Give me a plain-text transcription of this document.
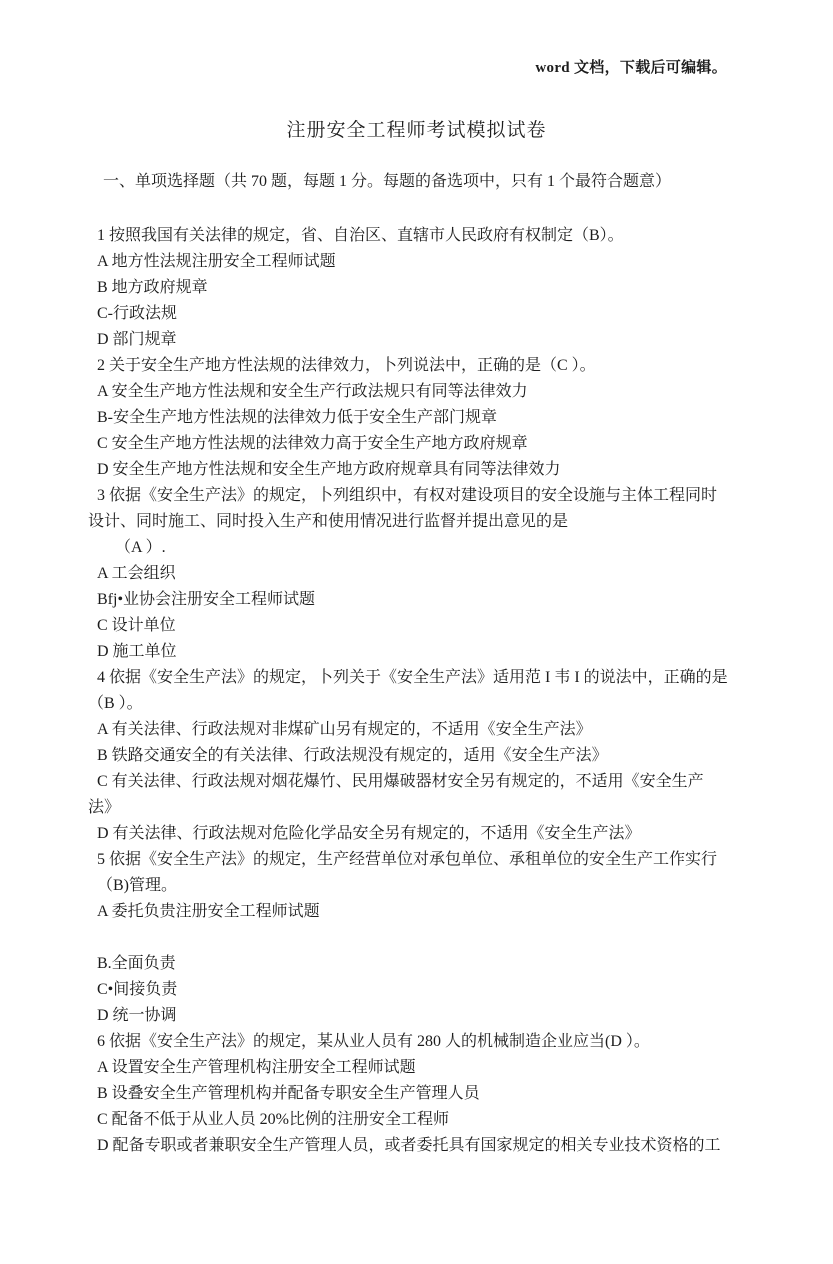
word 文档，下载后可编辑。
注册安全工程师考试模拟试卷
一、单项选择题（共 70 题，每题 1 分。每题的备选项中，只有 1 个最符合题意）
1 按照我国有关法律的规定，省、自治区、直辖市人民政府有权制定（B）。
A 地方性法规注册安全工程师试题
B 地方政府规章
C-行政法规
D 部门规章
2 关于安全生产地方性法规的法律效力，卜列说法中，正确的是（C ）。
A 安全生产地方性法规和安全生产行政法规只有同等法律效力
B-安全生产地方性法规的法律效力低于安全生产部门规章
C 安全生产地方性法规的法律效力高于安全生产地方政府规章
D 安全生产地方性法规和安全生产地方政府规章具有同等法律效力
3 依据《安全生产法》的规定，卜列组织中，有权对建设项目的安全设施与主体工程同时
设计、同时施工、同时投入生产和使用情况进行监督并提出意见的是
（A ）.
A 工会组织
Bfj•业协会注册安全工程师试题
C 设计单位
D 施工单位
4 依据《安全生产法》的规定，卜列关于《安全生产法》适用范 I 韦 I 的说法中，正确的是
（B ）。
A 有关法律、行政法规对非煤矿山另有规定的，不适用《安全生产法》
B 铁路交通安全的有关法律、行政法规没有规定的，适用《安全生产法》
C 有关法律、行政法规对烟花爆竹、民用爆破器材安全另有规定的，不适用《安全生产
法》
D 有关法律、行政法规对危险化学品安全另有规定的，不适用《安全生产法》
5 依据《安全生产法》的规定，生产经营单位对承包单位、承租单位的安全生产工作实行
（B)管理。
A 委托负贵注册安全工程师试题
B.全面负责
C•间接负责
D 统一协调
6 依据《安全生产法》的规定，某从业人员有 280 人的机械制造企业应当(D ）。
A 设置安全生产管理机构注册安全工程师试题
B 设叠安全生产管理机构并配备专职安全生产管理人员
C 配备不低于从业人员 20%比例的注册安全工程师
D 配备专职或者兼职安全生产管理人员，或者委托具有国家规定的相关专业技术资格的工
